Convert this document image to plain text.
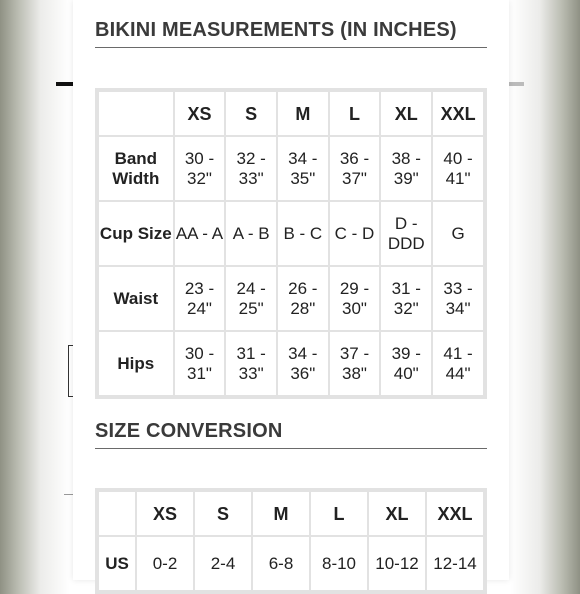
BIKINI MEASUREMENTS (IN INCHES)
	XS	S	M	L	XL	XXL
Band Width	30 - 32"	32 - 33"	34 - 35"	36 - 37"	38 - 39"	40 - 41"
Cup Size	AA - A	A - B	B - C	C - D	D - DDD	G
Waist	23 - 24"	24 - 25"	26 - 28"	29 - 30"	31 - 32"	33 - 34"
Hips	30 - 31"	31 - 33"	34 - 36"	37 - 38"	39 - 40"	41 - 44"
SIZE CONVERSION
	XS	S	M	L	XL	XXL
US	0-2	2-4	6-8	8-10	10-12	12-14
